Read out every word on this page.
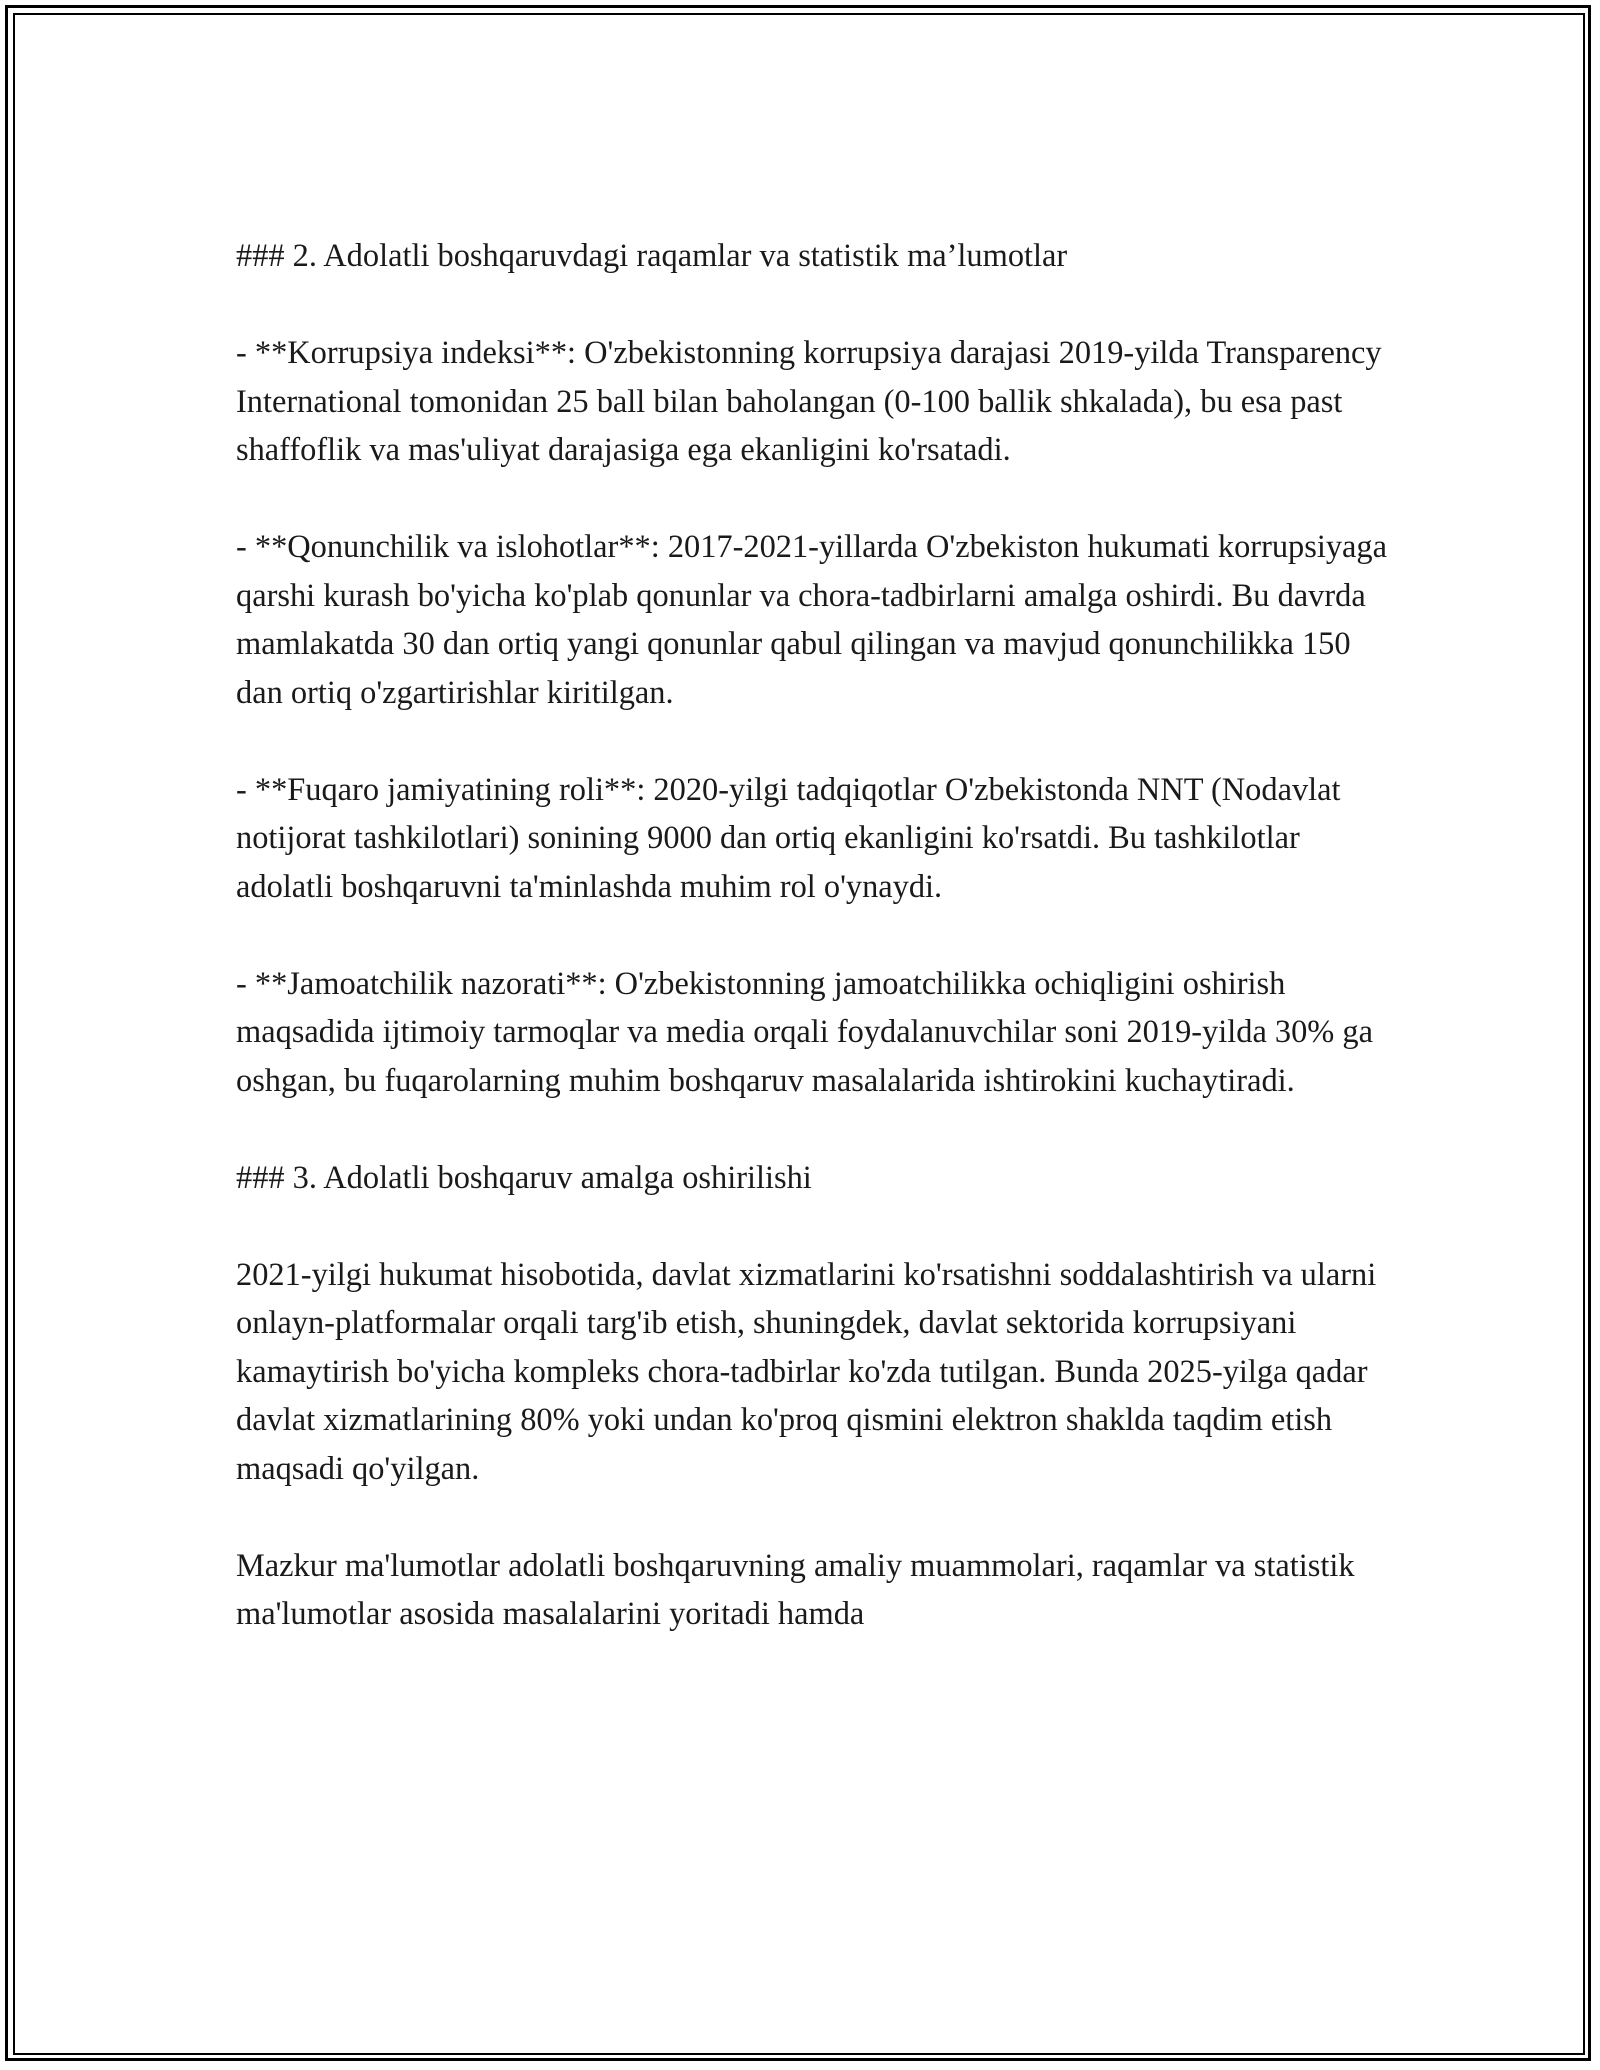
### 2. Adolatli boshqaruvdagi raqamlar va statistik ma’lumotlar

- **Korrupsiya indeksi**: O'zbekistonning korrupsiya darajasi 2019-yilda Transparency International tomonidan 25 ball bilan baholangan (0-100 ballik shkalada), bu esa past shaffoflik va mas'uliyat darajasiga ega ekanligini ko'rsatadi.

- **Qonunchilik va islohotlar**: 2017-2021-yillarda O'zbekiston hukumati korrupsiyaga qarshi kurash bo'yicha ko'plab qonunlar va chora-tadbirlarni amalga oshirdi. Bu davrda mamlakatda 30 dan ortiq yangi qonunlar qabul qilingan va mavjud qonunchilikka 150 dan ortiq o'zgartirishlar kiritilgan.

- **Fuqaro jamiyatining roli**: 2020-yilgi tadqiqotlar O'zbekistonda NNT (Nodavlat notijorat tashkilotlari) sonining 9000 dan ortiq ekanligini ko'rsatdi. Bu tashkilotlar adolatli boshqaruvni ta'minlashda muhim rol o'ynaydi.

- **Jamoatchilik nazorati**: O'zbekistonning jamoatchilikka ochiqligini oshirish maqsadida ijtimoiy tarmoqlar va media orqali foydalanuvchilar soni 2019-yilda 30% ga oshgan, bu fuqarolarning muhim boshqaruv masalalarida ishtirokini kuchaytiradi.

### 3. Adolatli boshqaruv amalga oshirilishi

2021-yilgi hukumat hisobotida, davlat xizmatlarini ko'rsatishni soddalashtirish va ularni onlayn-platformalar orqali targ'ib etish, shuningdek, davlat sektorida korrupsiyani kamaytirish bo'yicha kompleks chora-tadbirlar ko'zda tutilgan. Bunda 2025-yilga qadar davlat xizmatlarining 80% yoki undan ko'proq qismini elektron shaklda taqdim etish maqsadi qo'yilgan.

Mazkur ma'lumotlar adolatli boshqaruvning amaliy muammolari, raqamlar va statistik ma'lumotlar asosida masalalarini yoritadi hamda
